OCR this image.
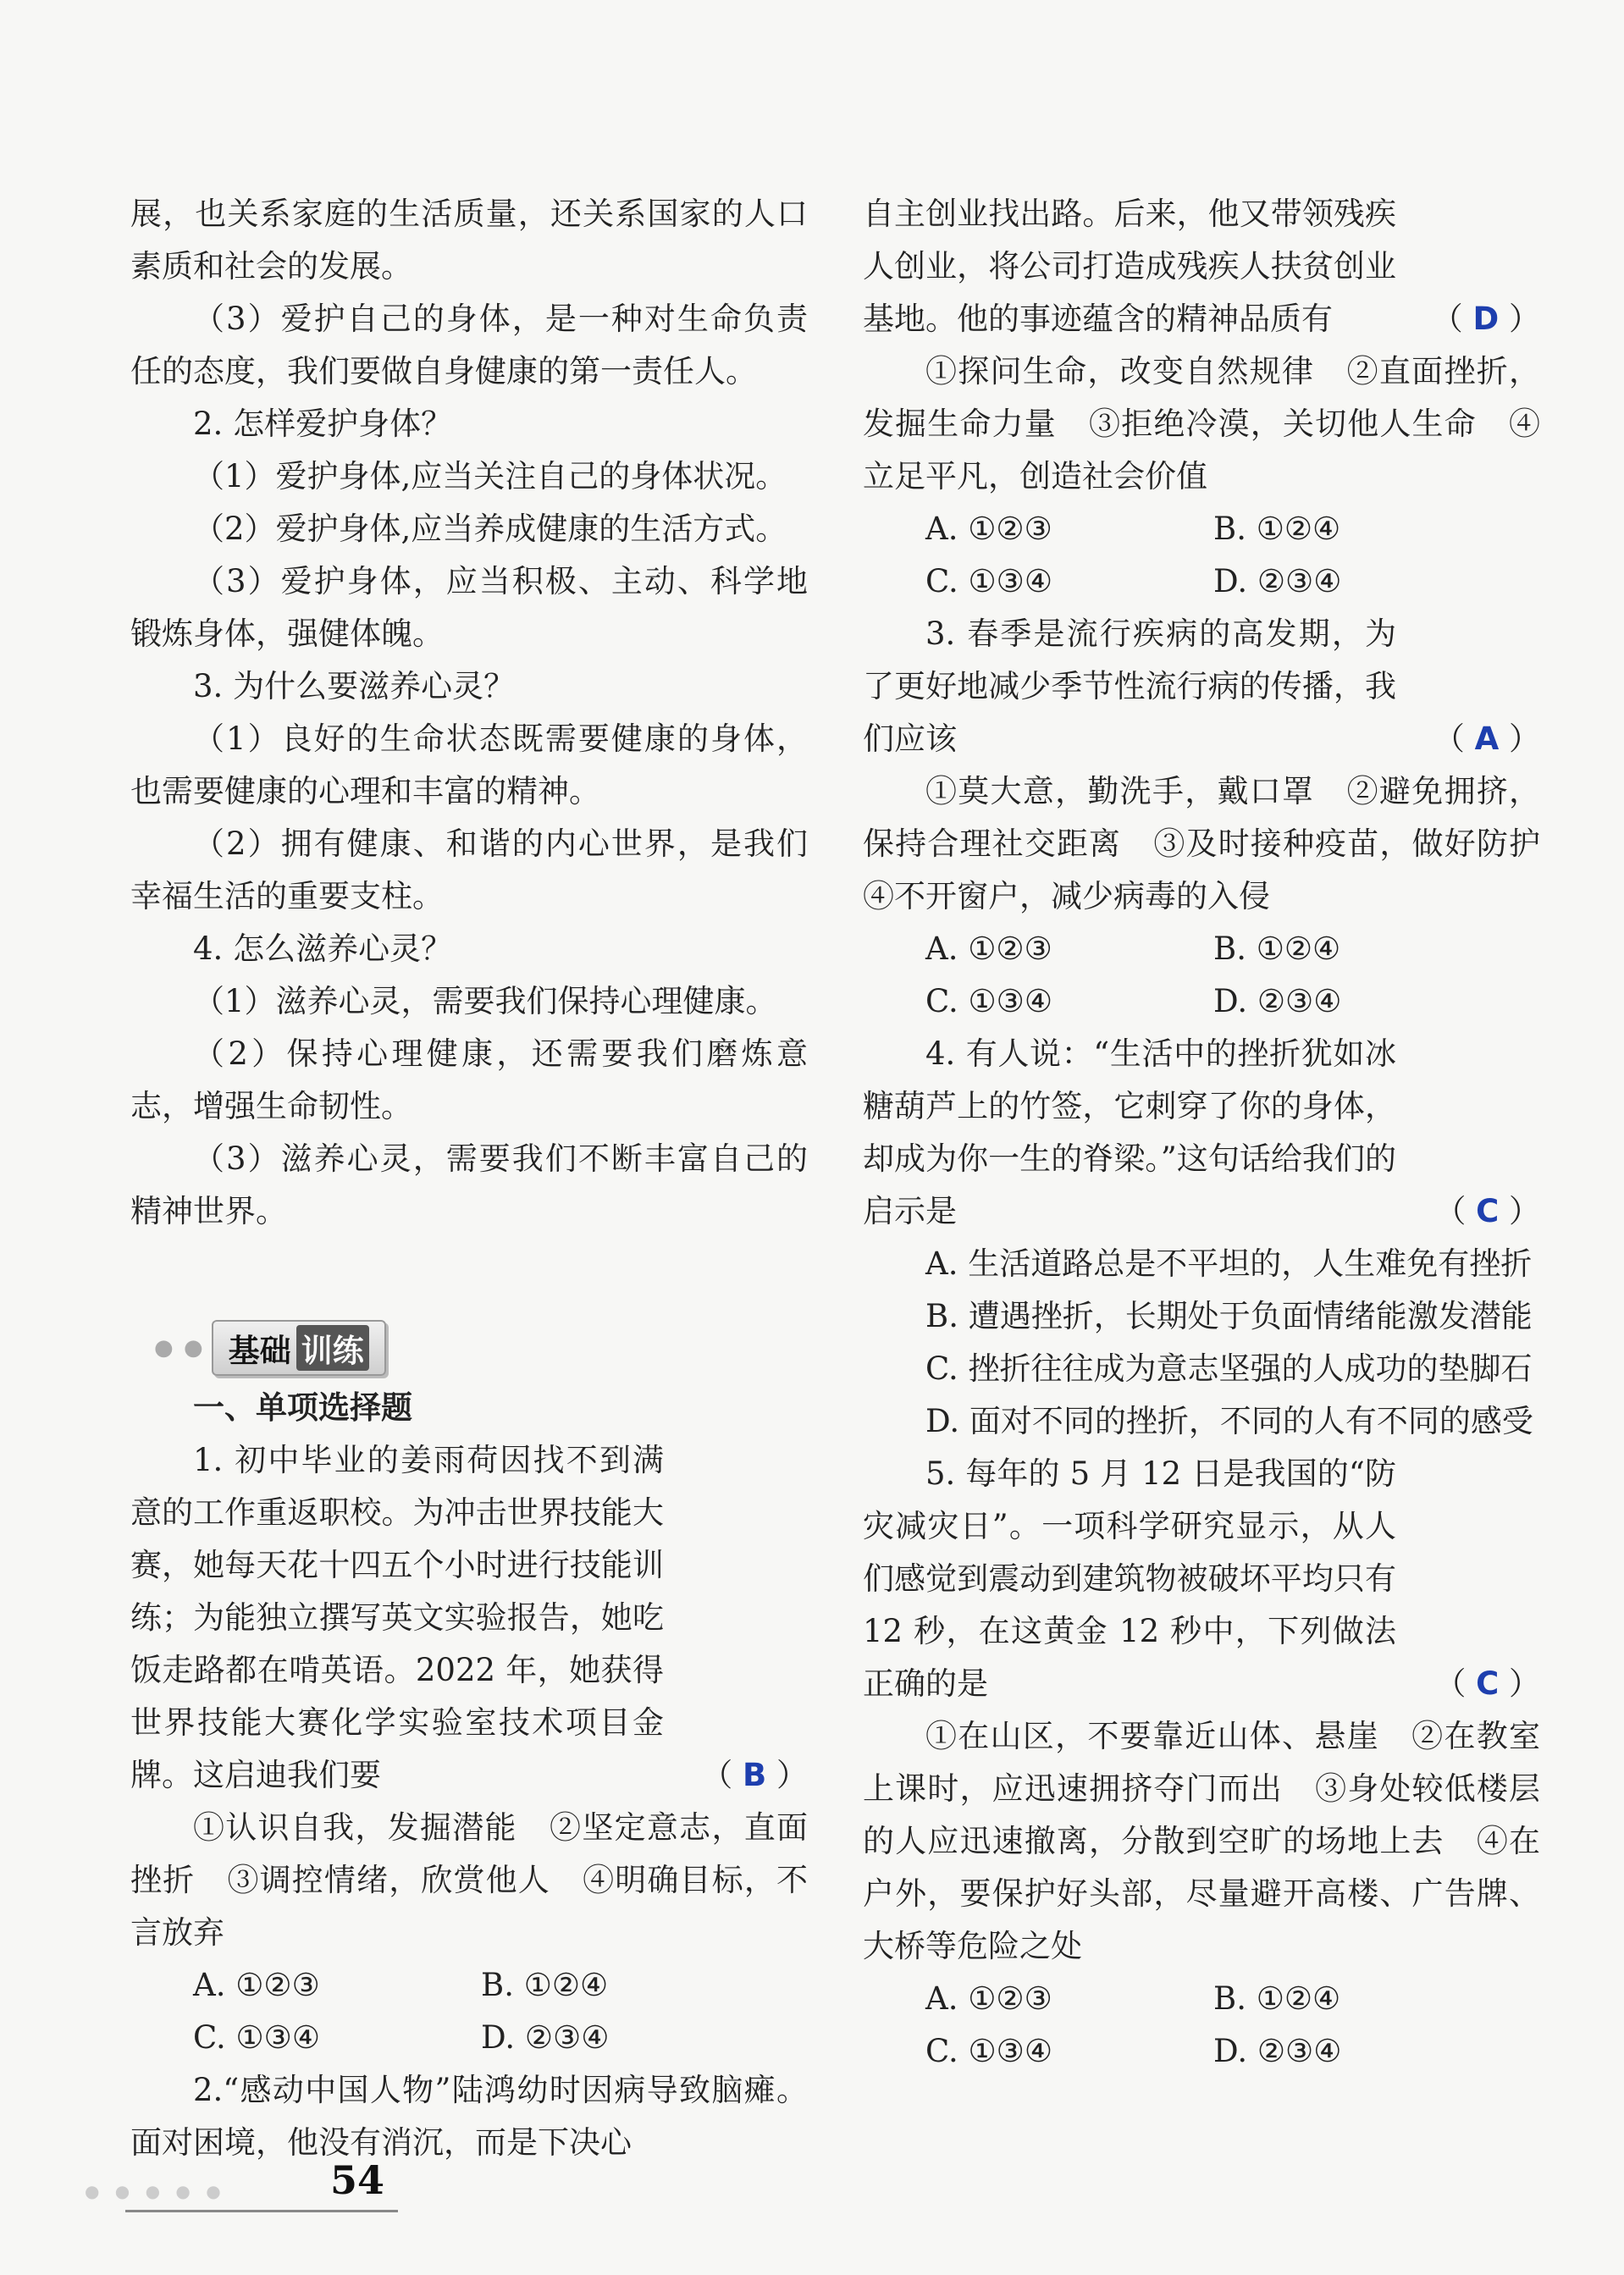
展，也关系家庭的生活质量，还关系国家的人口素质和社会的发展。

（3）爱护自己的身体，是一种对生命负责任的态度，我们要做自身健康的第一责任人。

2. 怎样爱护身体？

（1）爱护身体,应当关注自己的身体状况。

（2）爱护身体,应当养成健康的生活方式。

（3）爱护身体，应当积极、主动、科学地锻炼身体，强健体魄。

3. 为什么要滋养心灵？

（1）良好的生命状态既需要健康的身体，也需要健康的心理和丰富的精神。

（2）拥有健康、和谐的内心世界，是我们幸福生活的重要支柱。

4. 怎么滋养心灵？

（1）滋养心灵，需要我们保持心理健康。

（2）保持心理健康，还需要我们磨炼意志，增强生命韧性。

（3）滋养心灵，需要我们不断丰富自己的精神世界。

● ● 基础 训练

一、单项选择题

1. 初中毕业的姜雨荷因找不到满意的工作重返职校。为冲击世界技能大赛，她每天花十四五个小时进行技能训练；为能独立撰写英文实验报告，她吃饭走路都在啃英语。2022 年，她获得世界技能大赛化学实验室技术项目金牌。这启迪我们要	（ B ）

①认识自我，发掘潜能　②坚定意志，直面挫折　③调控情绪，欣赏他人　④明确目标，不言放弃

A. ①②③	B. ①②④
C. ①③④	D. ②③④

2.“感动中国人物”陆鸿幼时因病导致脑瘫。面对困境，他没有消沉，而是下决心

自主创业找出路。后来，他又带领残疾人创业，将公司打造成残疾人扶贫创业基地。他的事迹蕴含的精神品质有	（ D ）

①探问生命，改变自然规律　②直面挫折，发掘生命力量　③拒绝冷漠，关切他人生命　④立足平凡，创造社会价值

A. ①②③	B. ①②④
C. ①③④	D. ②③④

3. 春季是流行疾病的高发期，为了更好地减少季节性流行病的传播，我们应该	（ A ）

①莫大意，勤洗手，戴口罩　②避免拥挤，保持合理社交距离　③及时接种疫苗，做好防护　④不开窗户，减少病毒的入侵

A. ①②③	B. ①②④
C. ①③④	D. ②③④

4. 有人说：“生活中的挫折犹如冰糖葫芦上的竹签，它刺穿了你的身体，却成为你一生的脊梁。”这句话给我们的启示是	（ C ）

A. 生活道路总是不平坦的，人生难免有挫折

B. 遭遇挫折，长期处于负面情绪能激发潜能

C. 挫折往往成为意志坚强的人成功的垫脚石

D. 面对不同的挫折，不同的人有不同的感受

5. 每年的 5 月 12 日是我国的“防灾减灾日”。一项科学研究显示，从人们感觉到震动到建筑物被破坏平均只有 12 秒，在这黄金 12 秒中，下列做法正确的是	（ C ）

①在山区，不要靠近山体、悬崖　②在教室上课时，应迅速拥挤夺门而出　③身处较低楼层的人应迅速撤离，分散到空旷的场地上去　④在户外，要保护好头部，尽量避开高楼、广告牌、大桥等危险之处

A. ①②③	B. ①②④
C. ①③④	D. ②③④
● ● ● ● ●	54
